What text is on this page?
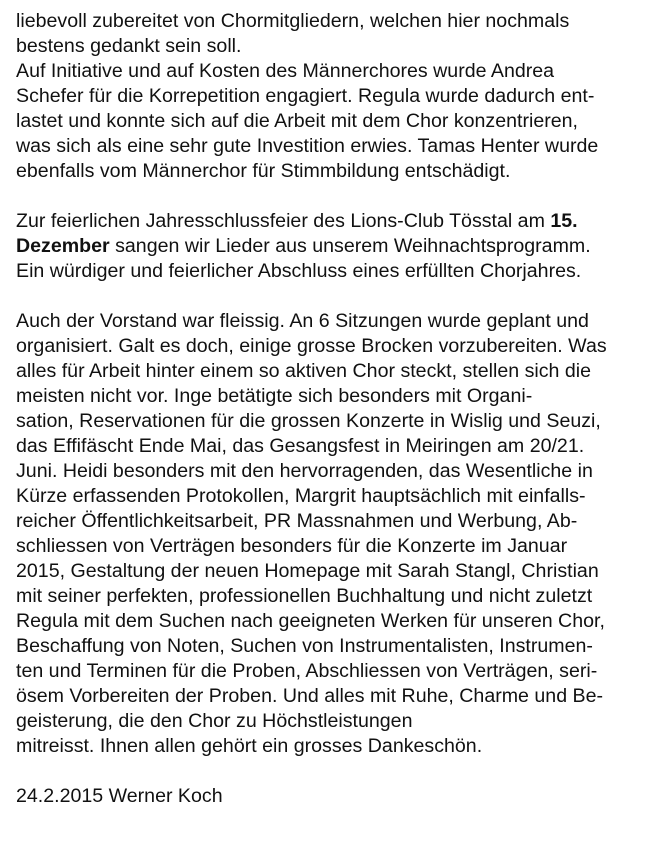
liebevoll zubereitet von Chormitgliedern, welchen hier nochmals
bestens gedankt sein soll.
Auf Initiative und auf Kosten des Männerchores wurde Andrea
Schefer für die Korrepetition engagiert. Regula wurde dadurch ent-
lastet und konnte sich auf die Arbeit mit dem Chor konzentrieren,
was sich als eine sehr gute Investition erwies. Tamas Henter wurde
ebenfalls vom Männerchor für Stimmbildung entschädigt.
Zur feierlichen Jahresschlussfeier des Lions-Club Tösstal am 15.
Dezember sangen wir Lieder aus unserem Weihnachtsprogramm.
Ein würdiger und feierlicher Abschluss eines erfüllten Chorjahres.
Auch der Vorstand war fleissig. An 6 Sitzungen wurde geplant und
organisiert. Galt es doch, einige grosse Brocken vorzubereiten. Was
alles für Arbeit hinter einem so aktiven Chor steckt, stellen sich die
meisten nicht vor. Inge betätigte sich besonders mit Organi-
sation, Reservationen für die grossen Konzerte in Wislig und Seuzi,
das Effifäscht Ende Mai, das Gesangsfest in Meiringen am 20/21.
Juni. Heidi besonders mit den hervorragenden, das Wesentliche in
Kürze erfassenden Protokollen, Margrit hauptsächlich mit einfalls-
reicher Öffentlichkeitsarbeit, PR Massnahmen und Werbung, Ab-
schliessen von Verträgen besonders für die Konzerte im Januar
2015, Gestaltung der neuen Homepage mit Sarah Stangl, Christian
mit seiner perfekten, professionellen Buchhaltung und nicht zuletzt
Regula mit dem Suchen nach geeigneten Werken für unseren Chor,
Beschaffung von Noten, Suchen von Instrumentalisten, Instrumen-
ten und Terminen für die Proben, Abschliessen von Verträgen, seri-
ösem Vorbereiten der Proben. Und alles mit Ruhe, Charme und Be-
geisterung, die den Chor zu Höchstleistungen
mitreisst. Ihnen allen gehört ein grosses Dankeschön.
24.2.2015 Werner Koch
